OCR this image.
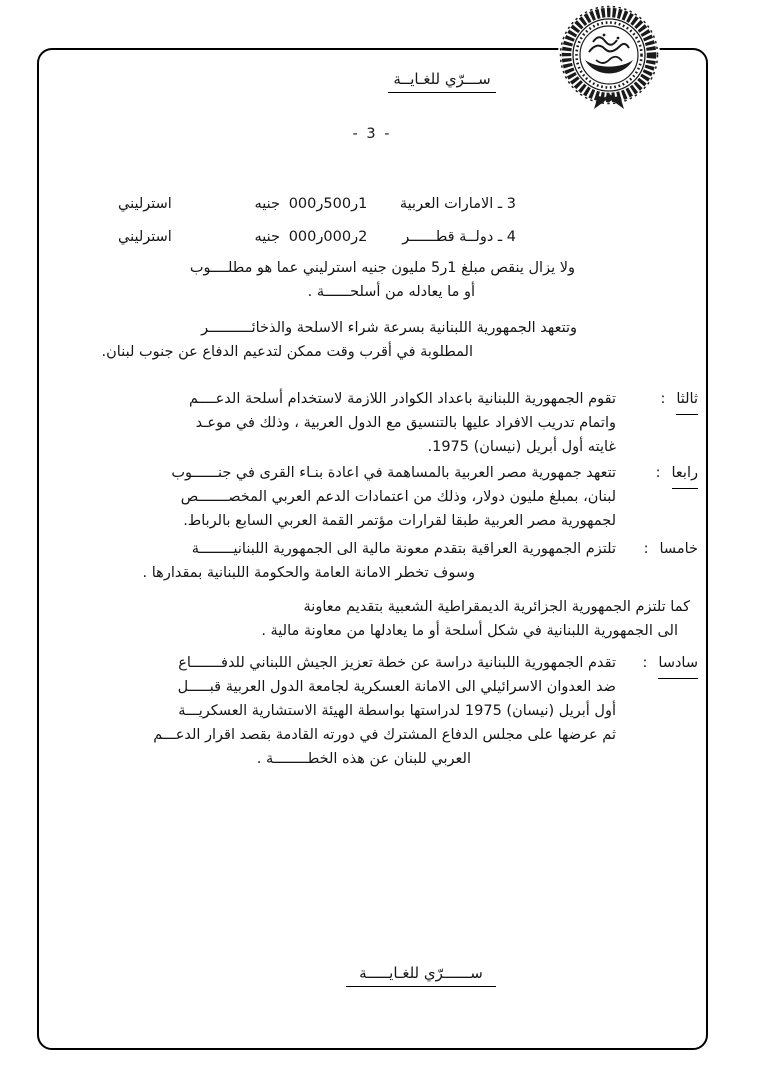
ســـرّي للغـايــة
- 3 -
3 ـ الامارات العربية
1ر500ر000
جنيه
استرليني
4 ـ دولــة قطــــــر
2ر000ر000
جنيه
استرليني
ولا يزال ينقص مبلغ 1ر5 مليون جنيه استرليني عما هو مطلــــوب
أو ما يعادله من أسلحــــــة .
وتتعهد الجمهورية اللبنانية بسرعة شراء الاسلحة والذخائــــــــــر
المطلوبة في أقرب وقت ممكن لتدعيم الدفاع عن جنوب لبنان.
ثالثا:
تقوم الجمهورية اللبنانية باعداد الكوادر اللازمة لاستخدام أسلحة الدعــــم
واتمام تدريب الافراد عليها بالتنسيق مع الدول العربية ، وذلك في موعـد
غايته أول أبريل (نيسان) 1975.
رابعا:
تتعهد جمهورية مصر العربية بالمساهمة في اعادة بنـاء القرى في جنــــــوب
لبنان، بمبلغ مليون دولار، وذلك من اعتمادات الدعم العربي المخصـــــــص
لجمهورية مصر العربية طبقا لقرارات مؤتمر القمة العربي السابع بالرباط.
خامسا:
تلتزم الجمهورية العراقية بتقدم معونة مالية الى الجمهورية اللبنانيــــــــة
وسوف تخطر الامانة العامة والحكومة اللبنانية بمقدارها .
كما تلتزم الجمهورية الجزائرية الديمقراطية الشعبية بتقديم معاونة
الى الجمهورية اللبنانية في شكل أسلحة أو ما يعادلها من معاونة مالية .
سادسا:
تقدم الجمهورية اللبنانية دراسة عن خطة تعزيز الجيش اللبناني للدفـــــــاع
ضد العدوان الاسرائيلي الى الامانة العسكرية لجامعة الدول العربية قبـــــل
أول أبريل (نيسان) 1975 لدراستها بواسطة الهيئة الاستشارية العسكريـــة
ثم عرضها على مجلس الدفاع المشترك في دورته القادمة بقصد اقرار الدعـــم
العربي للبنان عن هذه الخطــــــــة .
ســــــرّي للغـايـــــة
